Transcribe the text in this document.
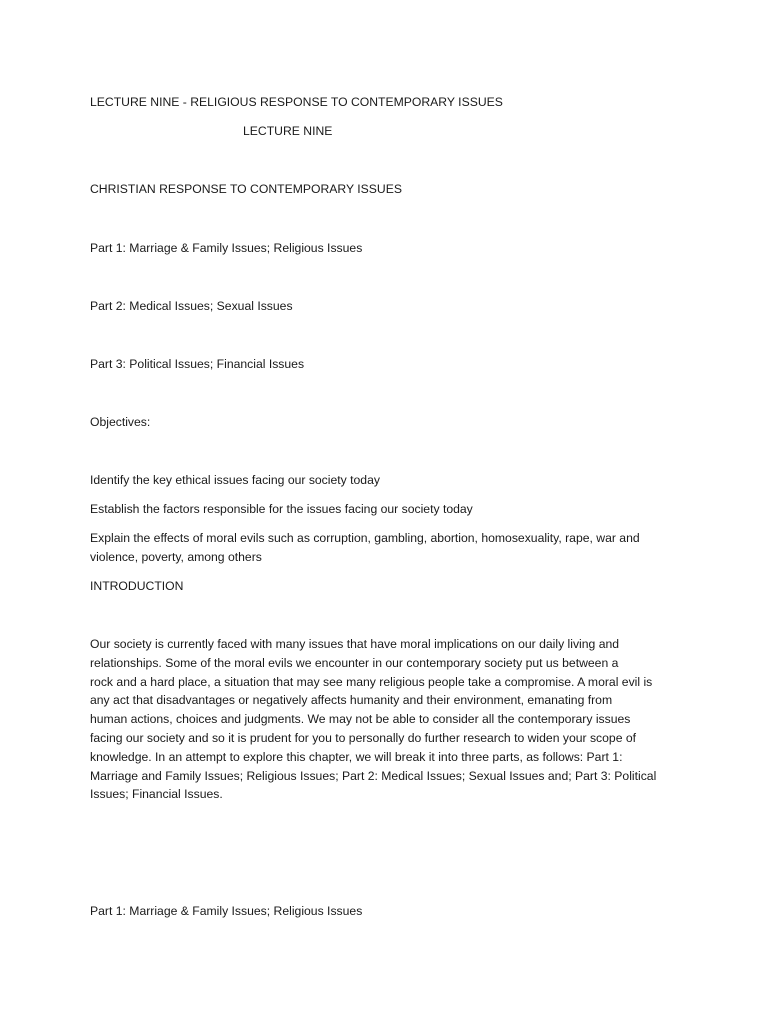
LECTURE NINE - RELIGIOUS RESPONSE TO CONTEMPORARY ISSUES

LECTURE NINE

CHRISTIAN RESPONSE TO CONTEMPORARY ISSUES

Part 1: Marriage & Family Issues; Religious Issues

Part 2: Medical Issues; Sexual Issues

Part 3: Political Issues; Financial Issues

Objectives:

Identify the key ethical issues facing our society today

Establish the factors responsible for the issues facing our society today

Explain the effects of moral evils such as corruption, gambling, abortion, homosexuality, rape, war and violence, poverty, among others

INTRODUCTION

Our society is currently faced with many issues that have moral implications on our daily living and
relationships. Some of the moral evils we encounter in our contemporary society put us between a
rock and a hard place, a situation that may see many religious people take a compromise. A moral evil is
any act that disadvantages or negatively affects humanity and their environment, emanating from
human actions, choices and judgments. We may not be able to consider all the contemporary issues
facing our society and so it is prudent for you to personally do further research to widen your scope of
knowledge. In an attempt to explore this chapter, we will break it into three parts, as follows: Part 1:
Marriage and Family Issues; Religious Issues; Part 2: Medical Issues; Sexual Issues and; Part 3: Political
Issues; Financial Issues.

Part 1: Marriage & Family Issues; Religious Issues
